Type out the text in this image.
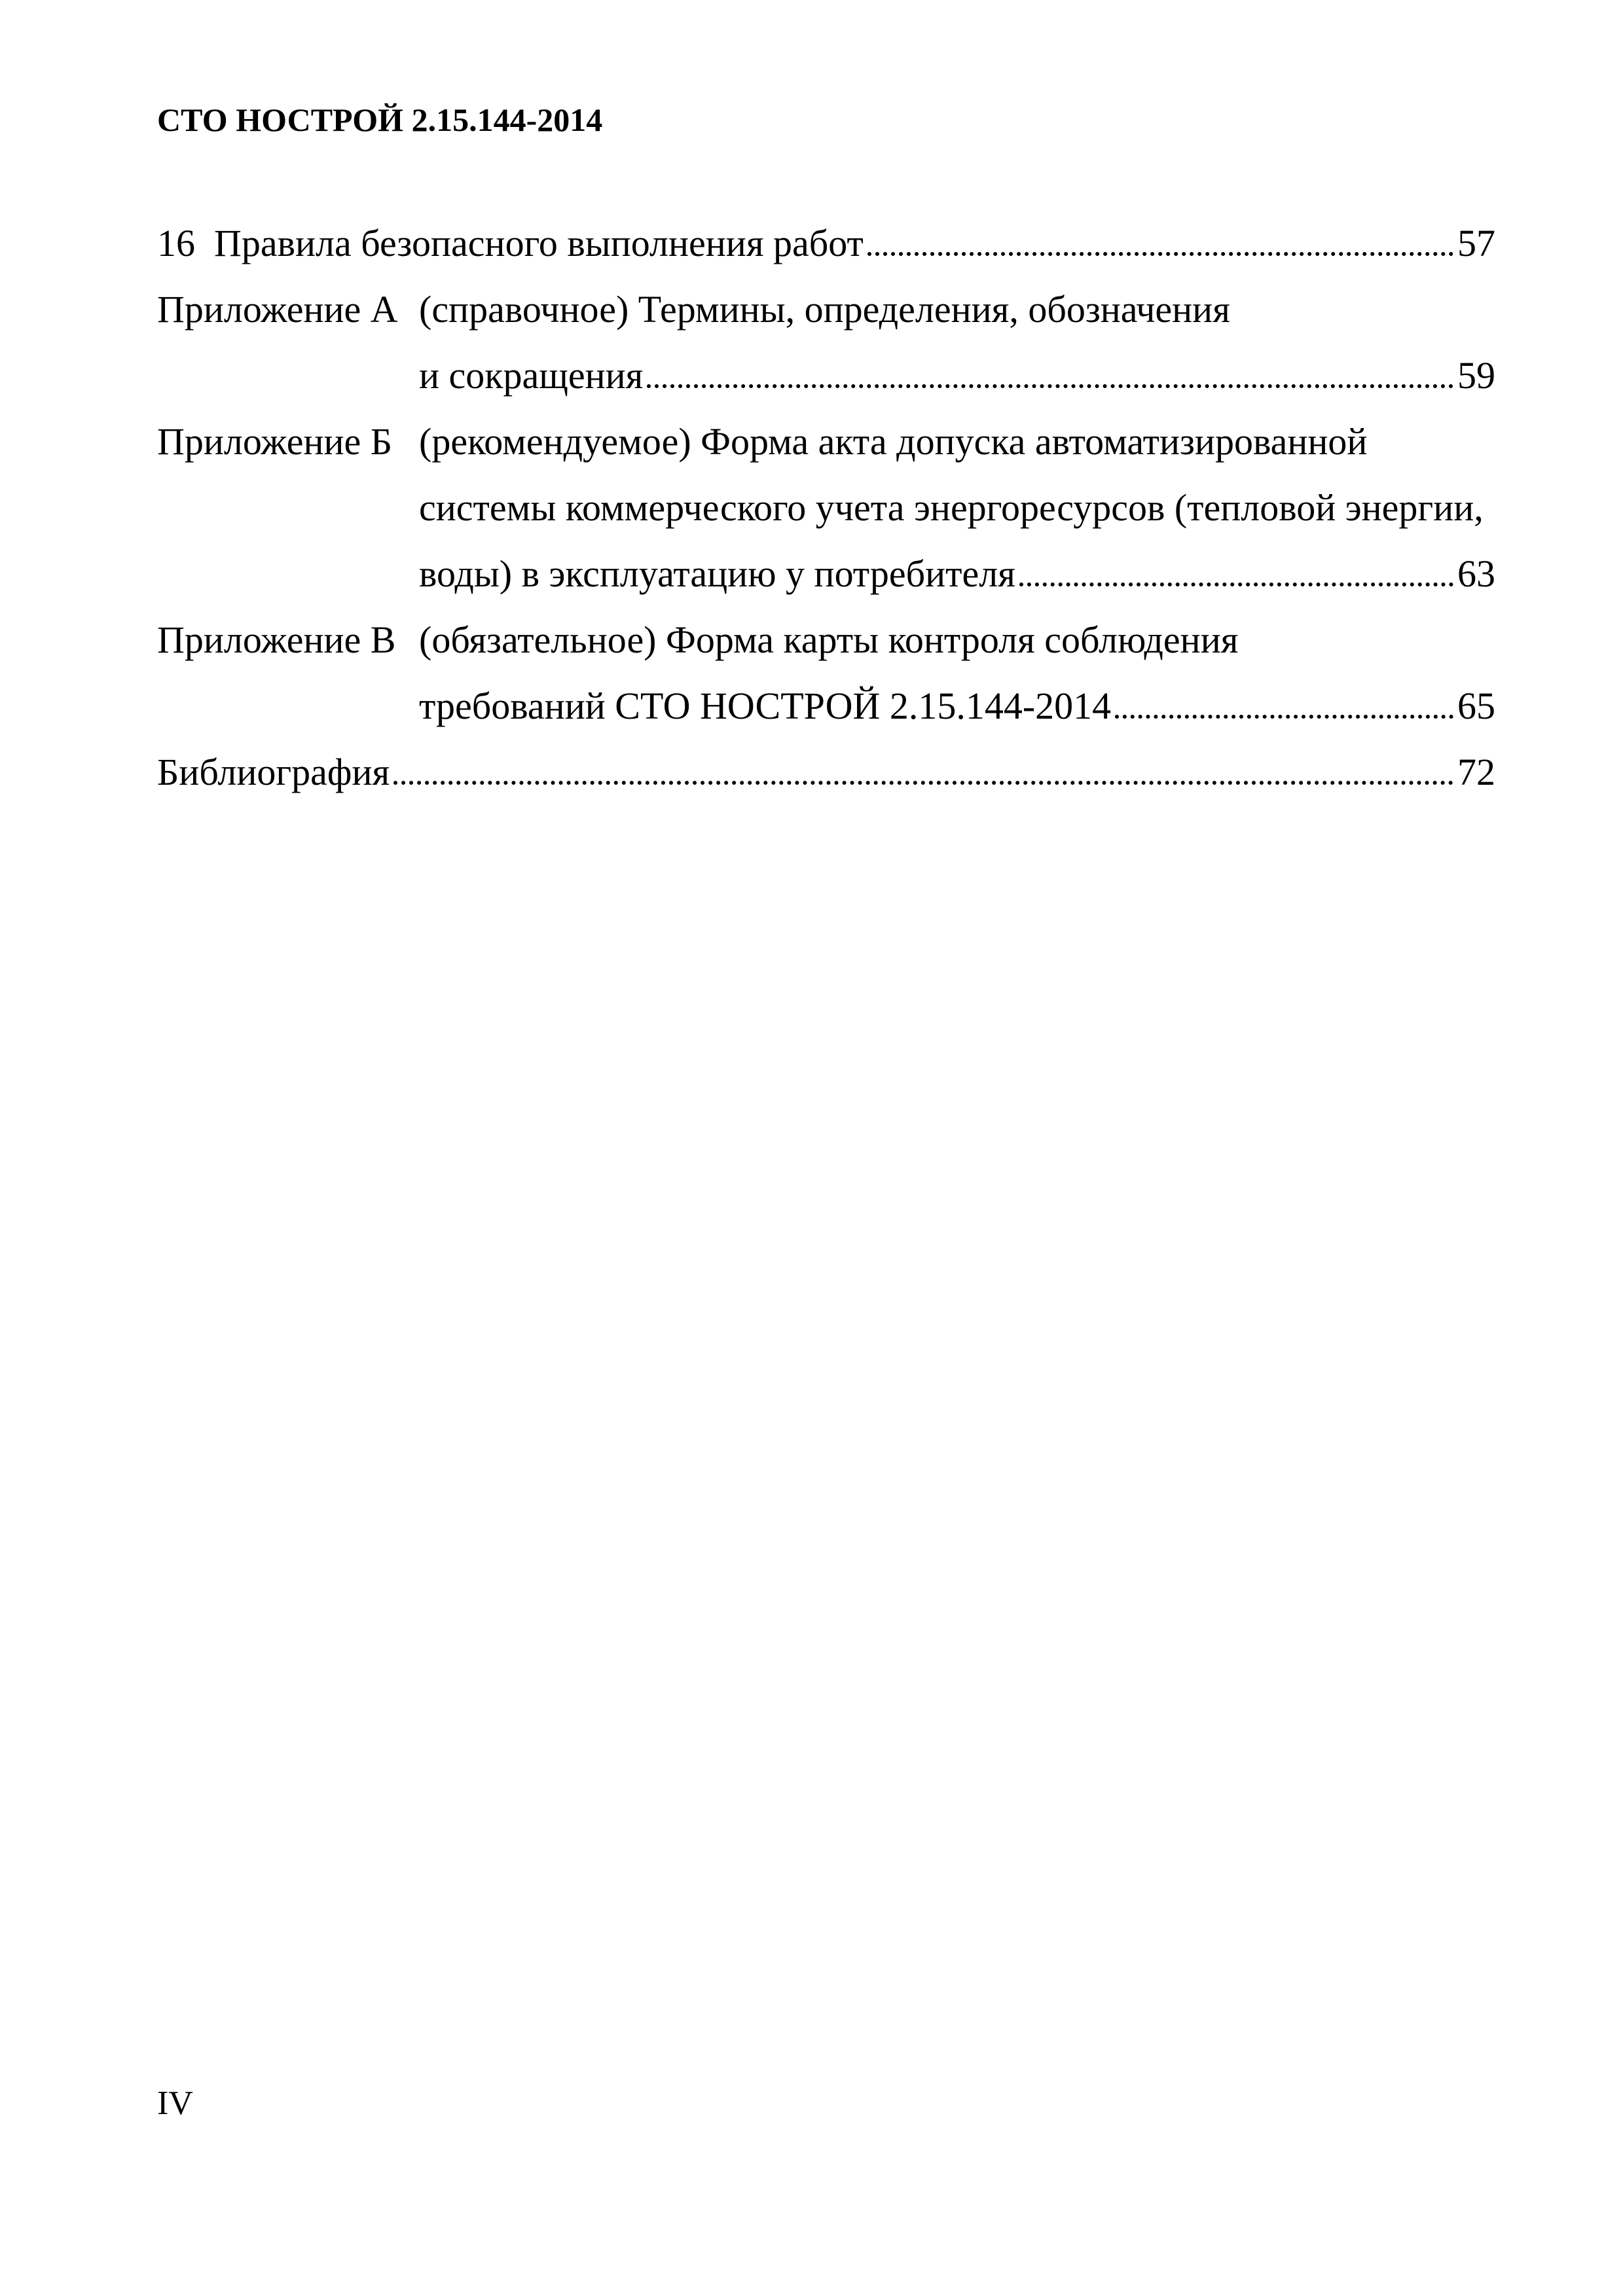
СТО НОСТРОЙ 2.15.144-2014
16 Правила безопасного выполнения работ	57
Приложение А (справочное) Термины, определения, обозначения
и сокращения	59
Приложение Б (рекомендуемое) Форма акта допуска автоматизированной
системы коммерческого учета энергоресурсов (тепловой энергии,
воды) в эксплуатацию у потребителя	63
Приложение В (обязательное) Форма карты контроля соблюдения
требований СТО НОСТРОЙ 2.15.144-2014	65
Библиография	72
IV
